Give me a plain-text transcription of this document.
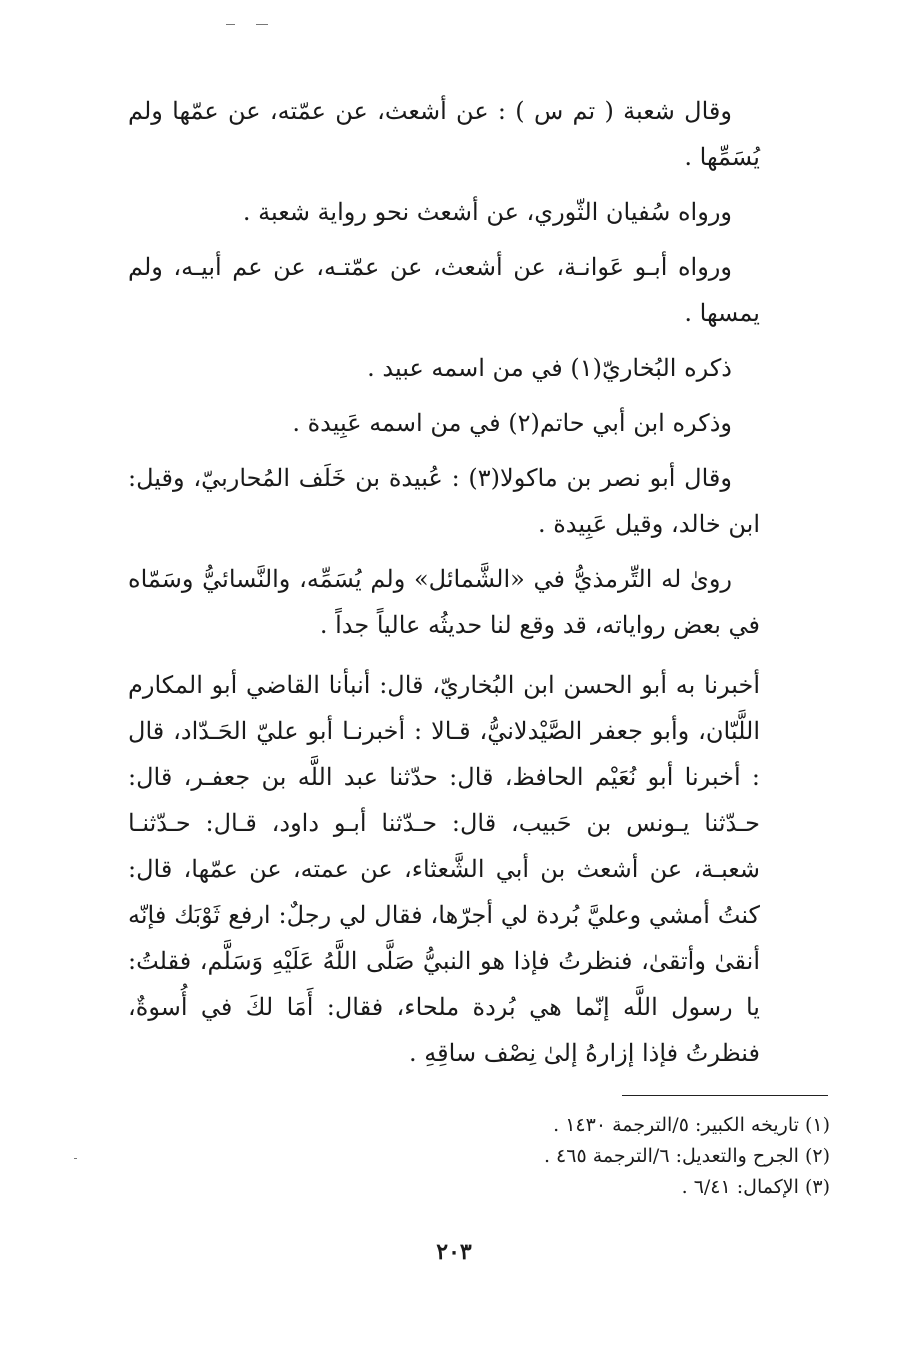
وقال شعبة ( تم س ) : عن أشعث، عن عمّته، عن عمّها ولم يُسَمِّها .

ورواه سُفيان الثّوري، عن أشعث نحو رواية شعبة .

ورواه أبـو عَوانـة، عن أشعث، عن عمّتـه، عن عم أبيـه، ولم يمسها .

ذكره البُخاريّ(١) في من اسمه عبيد .

وذكره ابن أبي حاتم(٢) في من اسمه عَبِيدة .

وقال أبو نصر بن ماكولا(٣) : عُبيدة بن خَلَف المُحاربيّ، وقيل: ابن خالد، وقيل عَبِيدة .

روىٰ له التِّرمذيُّ في «الشَّمائل» ولم يُسَمِّه، والنَّسائيُّ وسَمّاه في بعض رواياته، قد وقع لنا حديثُه عالياً جداً .

أخبرنا به أبو الحسن ابن البُخاريّ، قال: أنبأنا القاضي أبو المكارم اللَّبّان، وأبو جعفر الصَّيْدلانيُّ، قـالا : أخبرنـا أبو عليّ الحَـدّاد، قال : أخبرنا أبو نُعَيْم الحافظ، قال: حدّثنا عبد اللَّه بن جعفـر، قال: حـدّثنا يـونس بن حَبيب، قال: حـدّثنا أبـو داود، قـال: حـدّثنـا شعبـة، عن أشعث بن أبي الشَّعثاء، عن عمته، عن عمّها، قال: كنتُ أمشي وعليَّ بُردة لي أجرّها، فقال لي رجلٌ: ارفع ثَوْبَك فإنّه أنقىٰ وأتقىٰ، فنظرتُ فإذا هو النبيُّ صَلَّى اللَّهُ عَلَيْهِ وَسَلَّم، فقلتُ: يا رسول اللَّه إنّما هي بُردة ملحاء، فقال: أَمَا لكَ في أُسوةٌ، فنظرتُ فإذا إزارهُ إلىٰ نِصْف ساقِهِ .

(١) تاريخه الكبير: ٥/الترجمة ١٤٣٠ .

(٢) الجرح والتعديل: ٦/الترجمة ٤٦٥ .

(٣) الإكمال: ٦/٤١ .

٢٠٣
